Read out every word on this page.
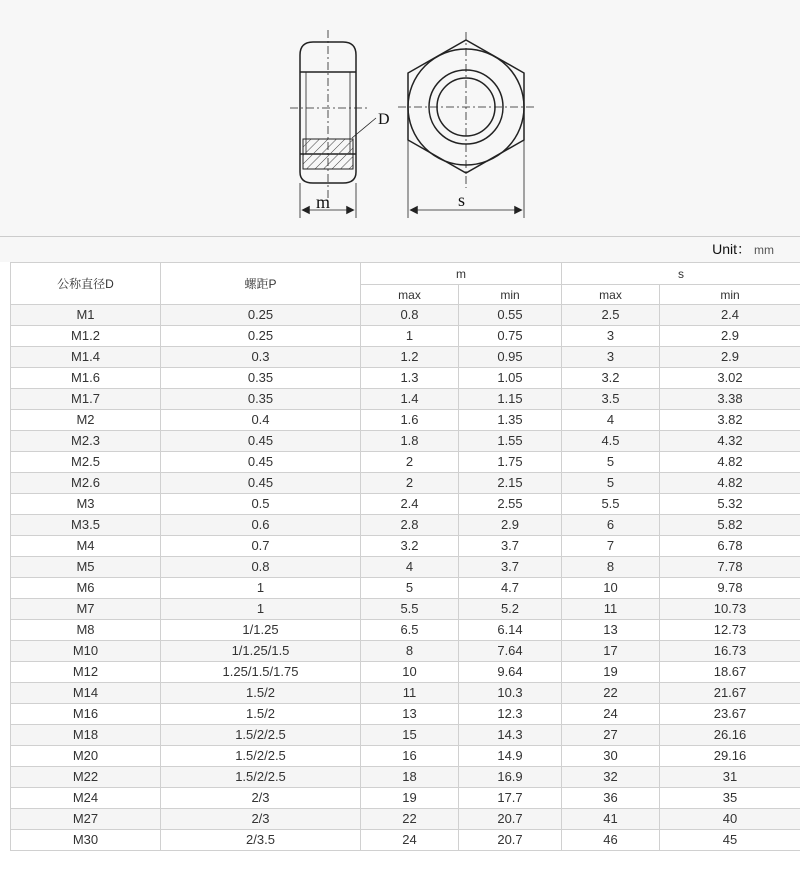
m
D
s
Unit： mm
公称直径D	螺距P	m		s	
		max	min	max	min
M1	0.25	0.8	0.55	2.5	2.4
M1.2	0.25	1	0.75	3	2.9
M1.4	0.3	1.2	0.95	3	2.9
M1.6	0.35	1.3	1.05	3.2	3.02
M1.7	0.35	1.4	1.15	3.5	3.38
M2	0.4	1.6	1.35	4	3.82
M2.3	0.45	1.8	1.55	4.5	4.32
M2.5	0.45	2	1.75	5	4.82
M2.6	0.45	2	2.15	5	4.82
M3	0.5	2.4	2.55	5.5	5.32
M3.5	0.6	2.8	2.9	6	5.82
M4	0.7	3.2	3.7	7	6.78
M5	0.8	4	3.7	8	7.78
M6	1	5	4.7	10	9.78
M7	1	5.5	5.2	11	10.73
M8	1/1.25	6.5	6.14	13	12.73
M10	1/1.25/1.5	8	7.64	17	16.73
M12	1.25/1.5/1.75	10	9.64	19	18.67
M14	1.5/2	11	10.3	22	21.67
M16	1.5/2	13	12.3	24	23.67
M18	1.5/2/2.5	15	14.3	27	26.16
M20	1.5/2/2.5	16	14.9	30	29.16
M22	1.5/2/2.5	18	16.9	32	31
M24	2/3	19	17.7	36	35
M27	2/3	22	20.7	41	40
M30	2/3.5	24	20.7	46	45
